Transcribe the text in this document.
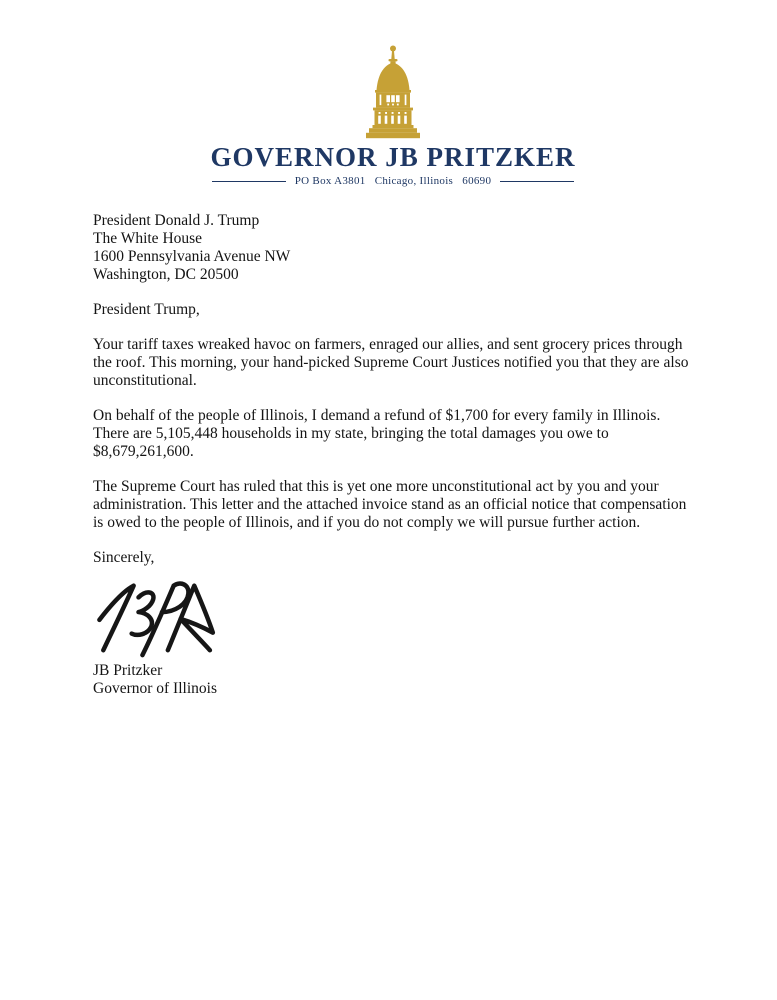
GOVERNOR JB PRITZKER
PO Box A3801   Chicago, Illinois   60690
President Donald J. Trump
The White House
1600 Pennsylvania Avenue NW
Washington, DC 20500

President Trump,

Your tariff taxes wreaked havoc on farmers, enraged our allies, and sent grocery prices through the roof. This morning, your hand-picked Supreme Court Justices notified you that they are also unconstitutional.

On behalf of the people of Illinois, I demand a refund of $1,700 for every family in Illinois. There are 5,105,448 households in my state, bringing the total damages you owe to $8,679,261,600.

The Supreme Court has ruled that this is yet one more unconstitutional act by you and your administration. This letter and the attached invoice stand as an official notice that compensation is owed to the people of Illinois, and if you do not comply we will pursue further action.

Sincerely,

JB Pritzker
Governor of Illinois
